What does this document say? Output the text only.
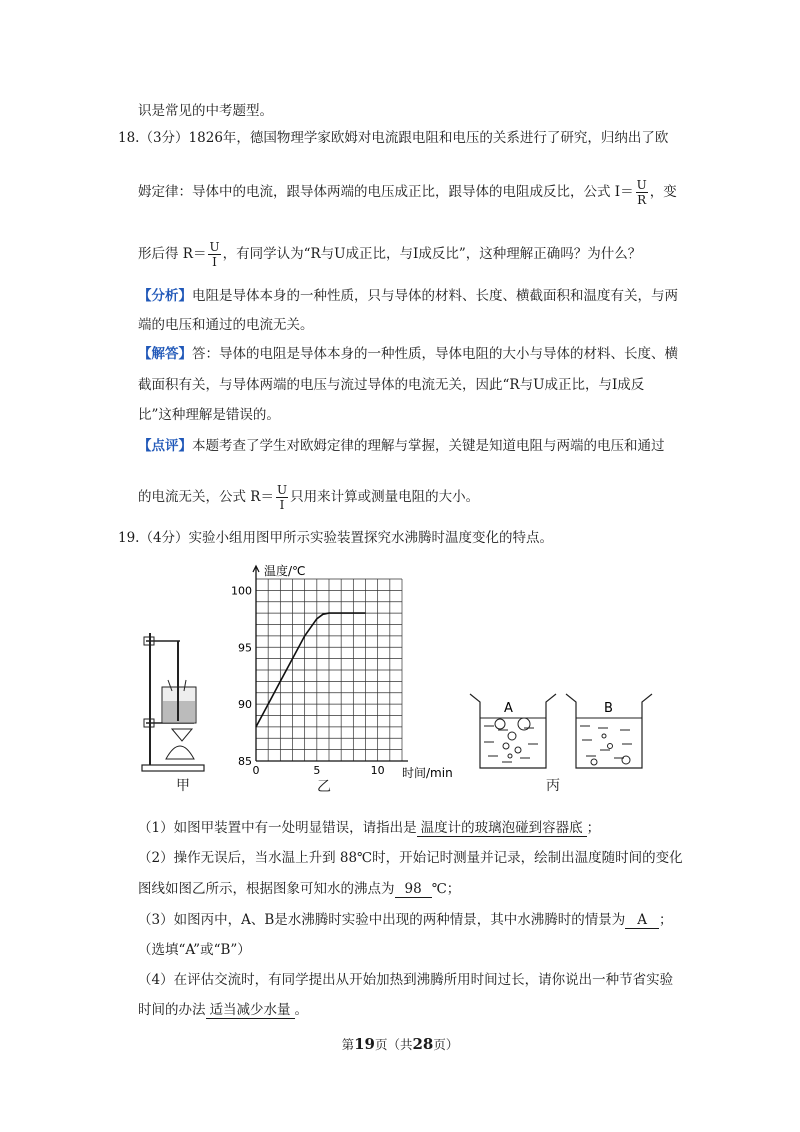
识是常见的中考题型。
18.（3分）1826年，德国物理学家欧姆对电流跟电阻和电压的关系进行了研究，归纳出了欧
姆定律：导体中的电流，跟导体两端的电压成正比，跟导体的电阻成反比，公式 $I= \frac{U}{R}$ ，变
形后得 $R= \frac{U}{I}$ ，有同学认为“R与U成正比，与I成反比”，这种理解正确吗？为什么？
【分析】电阻是导体本身的一种性质，只与导体的材料、长度、横截面积和温度有关，与两
端的电压和通过的电流无关。
【解答】答：导体的电阻是导体本身的一种性质，导体电阻的大小与导体的材料、长度、横
截面积有关，与导体两端的电压与流过导体的电流无关，因此“R与U成正比，与I成反
比”这种理解是错误的。
【点评】本题考查了学生对欧姆定律的理解与掌握，关键是知道电阻与两端的电压和通过
的电流无关，公式 $R= \frac{U}{I}$ 只用来计算或测量电阻的大小。
19.（4分）实验小组用图甲所示实验装置探究水沸腾时温度变化的特点。
甲
85
90
95
100
0	5	10
温度/℃
时间/min
乙
A	B
丙
（1）如图甲装置中有一处明显错误，请指出是 温度计的玻璃泡碰到容器底 ；
（2）操作无误后，当水温上升到 88℃时，开始记时测量并记录，绘制出温度随时间的变化
图线如图乙所示，根据图象可知水的沸点为 98 ℃；
（3）如图丙中，A、B是水沸腾时实验中出现的两种情景，其中水沸腾时的情景为 A ；
（选填“A”或“B”）
（4）在评估交流时，有同学提出从开始加热到沸腾所用时间过长，请你说出一种节省实验
时间的办法 适当减少水量 。
第19页（共28页）
